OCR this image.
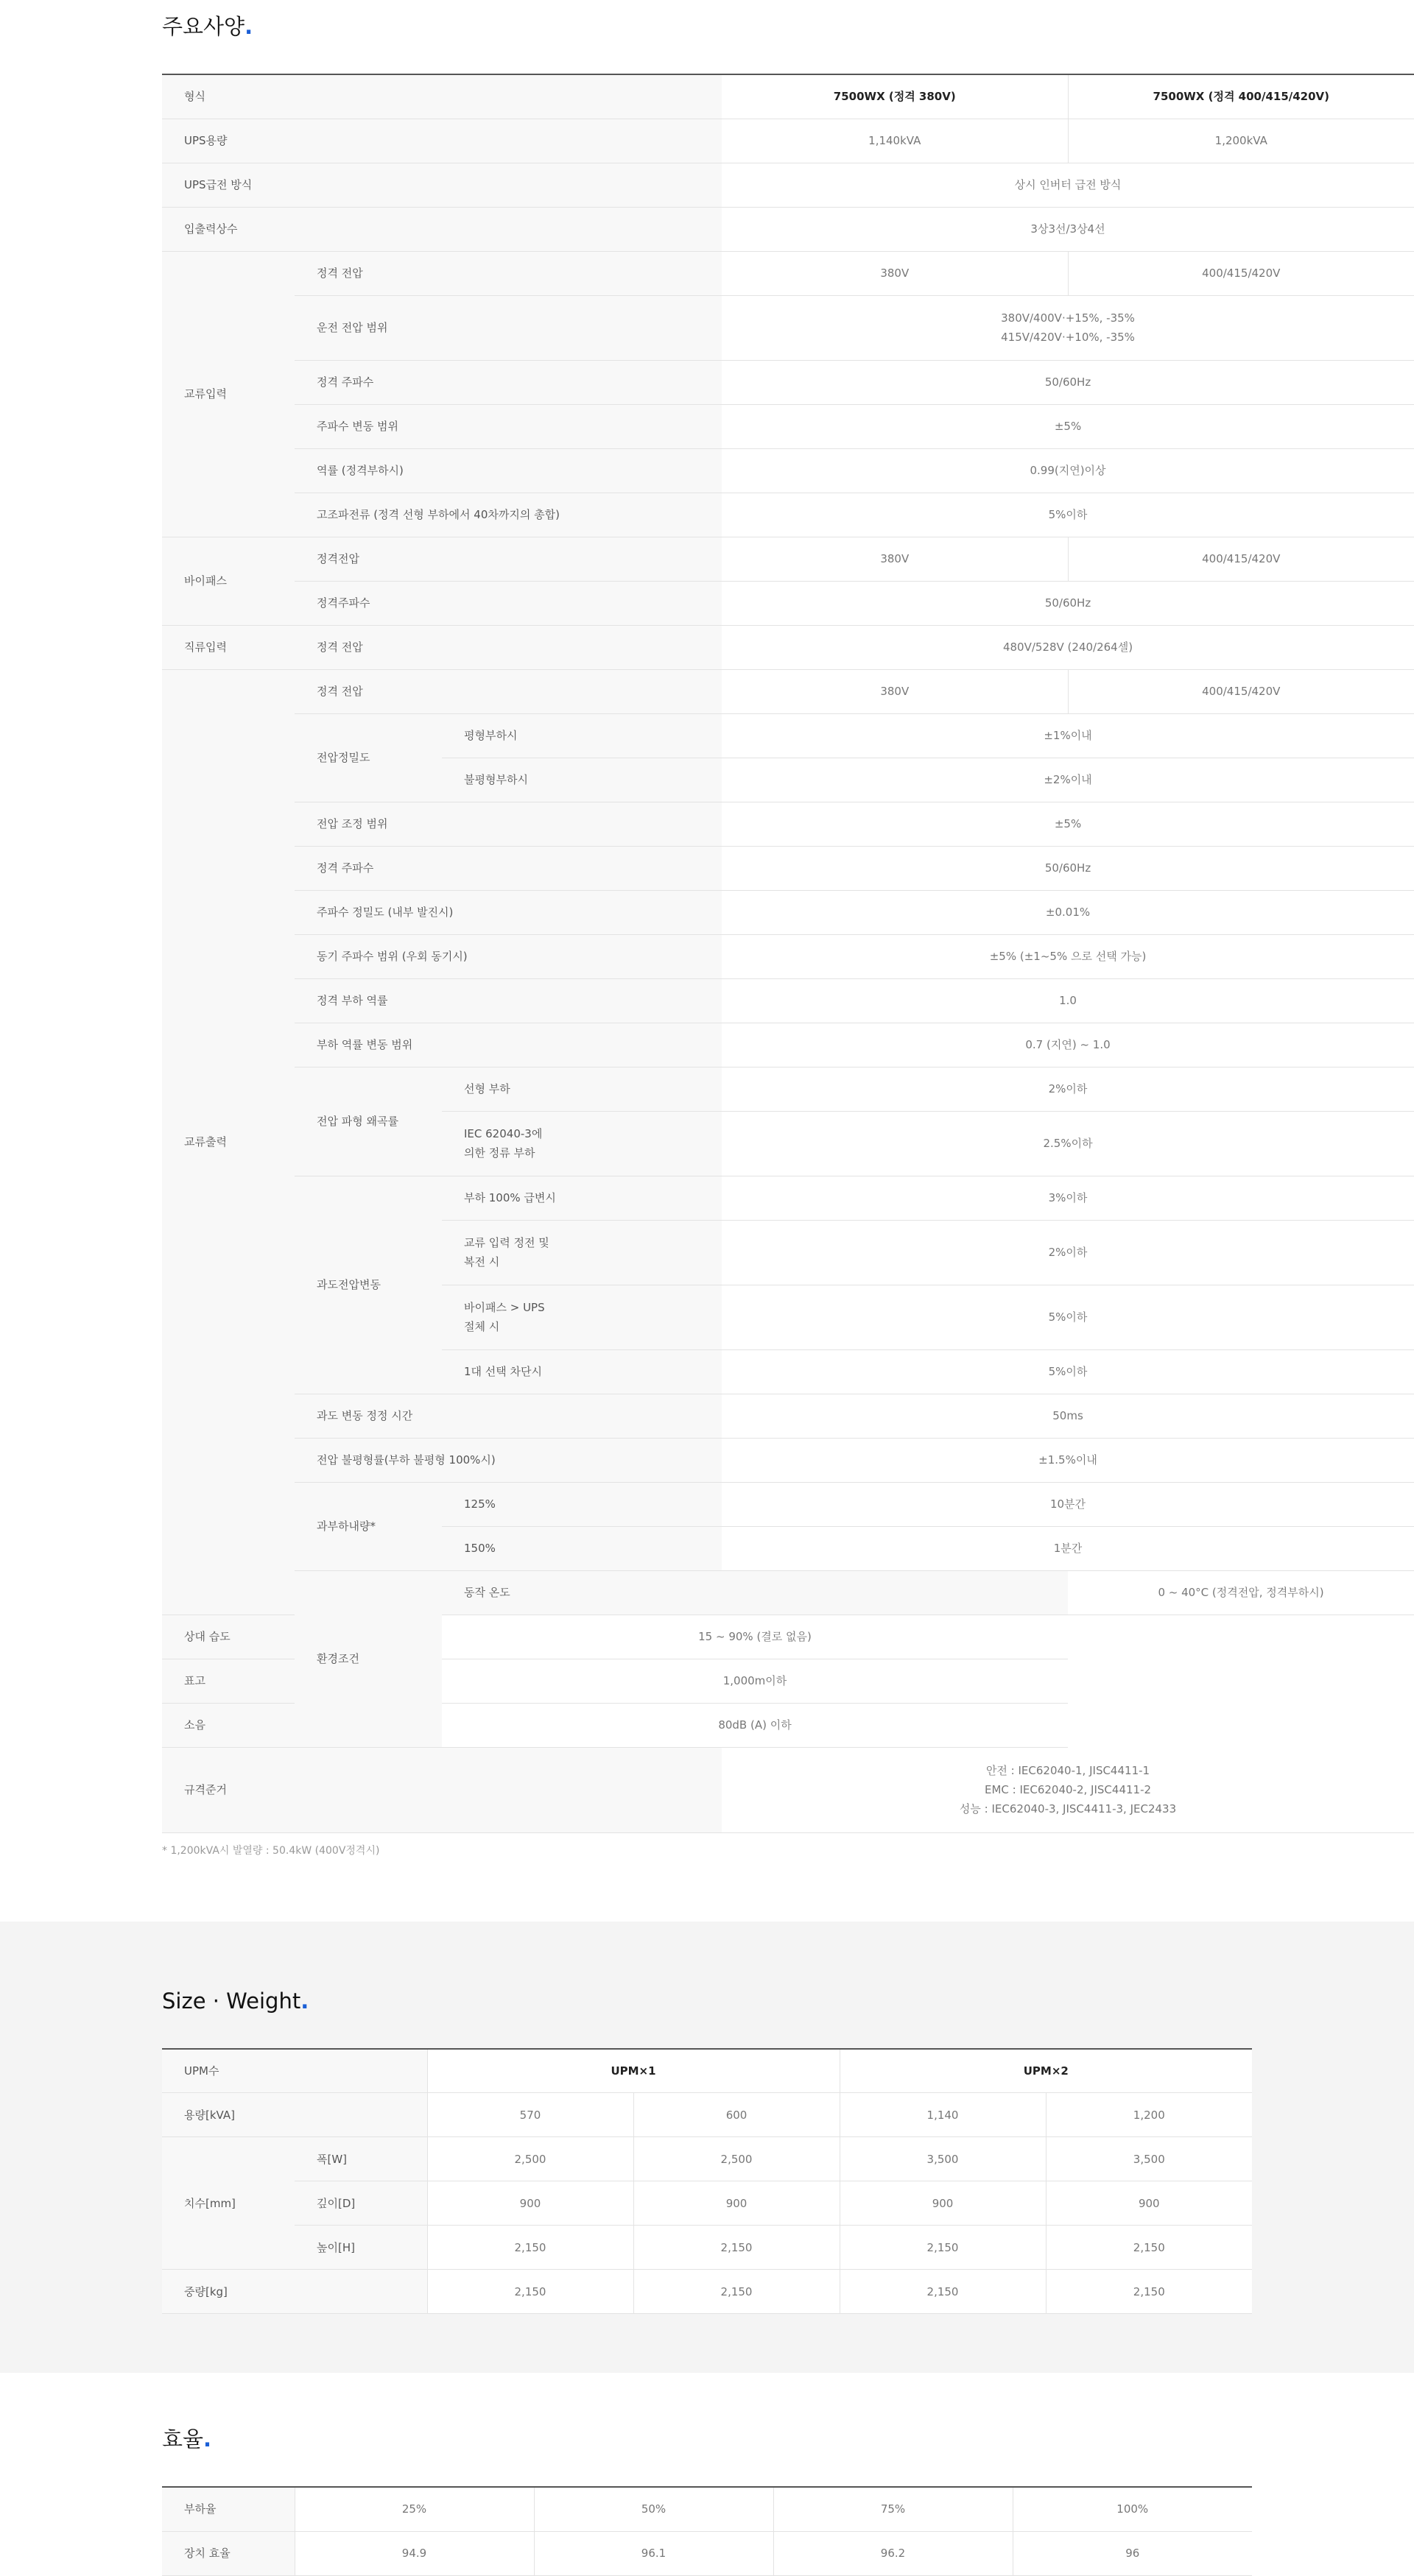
주요사양.
형식			7500WX (정격 380V)	7500WX (정격 400/415/420V)
UPS용량			1,140kVA	1,200kVA
UPS급전 방식			상시 인버터 급전 방식	
입출력상수			3상3선/3상4선	
교류입력	정격 전압		380V	400/415/420V
	운전 전압 범위		380V/400V·+15%, -35%
415V/420V·+10%, -35%	

	정격 주파수		50/60Hz	
	주파수 변동 범위		±5%	
	역률 (정격부하시)		0.99(지연)이상	
	고조파전류 (정격 선형 부하에서 40차까지의 총합)		5%이하	
바이패스	정격전압		380V	400/415/420V
	정격주파수		50/60Hz	
직류입력	정격 전압		480V/528V (240/264셀)	
교류출력	정격 전압		380V	400/415/420V
	전압정밀도	평형부하시	±1%이내	
		불평형부하시	±2%이내	
	전압 조정 범위		±5%	
	정격 주파수		50/60Hz	
	주파수 정밀도 (내부 발진시)		±0.01%	
	동기 주파수 범위 (우회 동기시)		±5% (±1~5% 으로 선택 가능)	
	정격 부하 역률		1.0	
	부하 역률 변동 범위		0.7 (지연) ~ 1.0	
	전압 파형 왜곡률	선형 부하	2%이하	

		IEC 62040-3에
의한 정류 부하	2.5%이하	
	과도전압변동	부하 100% 급변시	3%이하	

		교류 입력 정전 및
복전 시	2%이하	

		바이패스 > UPS
절체 시	5%이하	
		1대 선택 차단시	5%이하	
	과도 변동 정정 시간		50ms	
	전압 불평형률(부하 불평형 100%시)		±1.5%이내	
	과부하내량*	125%	10분간	
		150%	1분간	
	환경조건	동작 온도		0 ~ 40°C (정격전압, 정격부하시)
상대 습도		15 ~ 90% (결로 없음)		
표고		1,000m이하		
소음		80dB (A) 이하		
규격준거			안전 : IEC62040-1, JISC4411-1
EMC : IEC62040-2, JISC4411-2
성능 : IEC62040-3, JISC4411-3, JEC2433	
* 1,200kVA시 발열량 : 50.4kW (400V정격시)
Size · Weight.
UPM수		UPM×1		UPM×2	
용량[kVA]		570	600	1,140	1,200
치수[mm]	폭[W]	2,500	2,500	3,500	3,500
	깊이[D]	900	900	900	900
	높이[H]	2,150	2,150	2,150	2,150
중량[kg]		2,150	2,150	2,150	2,150
효율.
부하율	25%	50%	75%	100%
장치 효율	94.9	96.1	96.2	96
